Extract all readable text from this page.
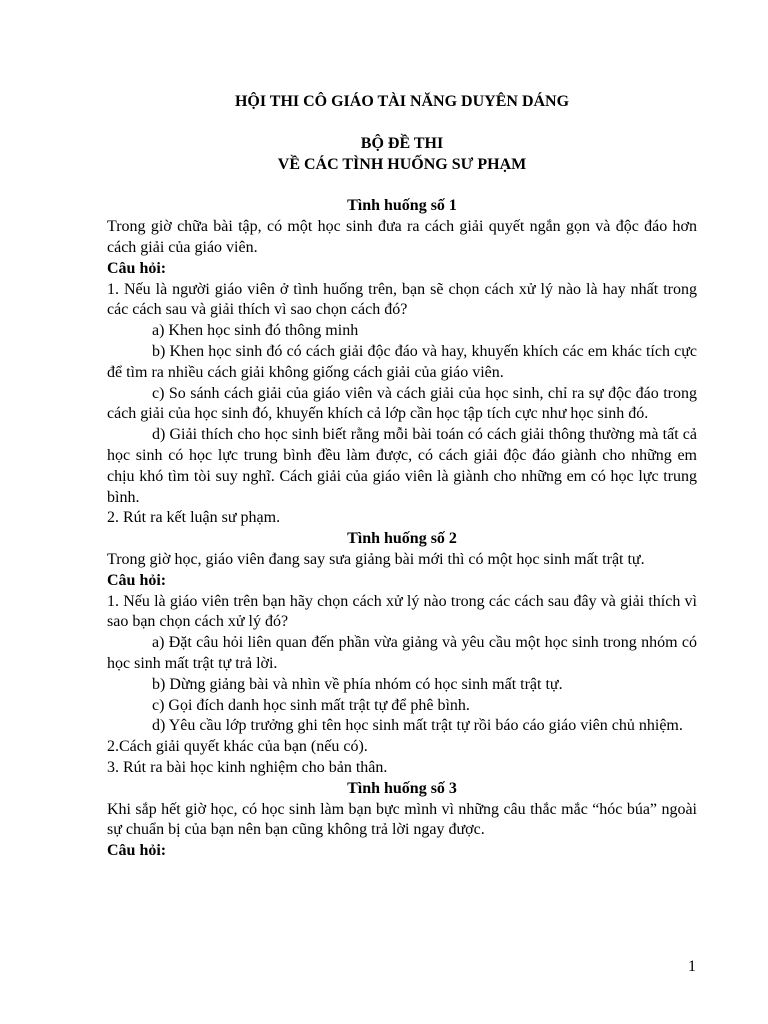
HỘI THI CÔ GIÁO TÀI NĂNG DUYÊN DÁNG

BỘ ĐỀ THI

VỀ CÁC TÌNH HUỐNG SƯ PHẠM

Tình huống số 1

Trong giờ chữa bài tập, có một học sinh đưa ra cách giải quyết ngắn gọn và độc đáo hơn cách giải của giáo viên.

Câu hỏi:

1. Nếu là người giáo viên ở tình huống trên, bạn sẽ chọn cách xử lý nào là hay nhất trong các cách sau và giải thích vì sao chọn cách đó?

a) Khen học sinh đó thông minh

b) Khen học sinh đó có cách giải độc đáo và hay, khuyến khích các em khác tích cực để tìm ra nhiều cách giải không giống cách giải của giáo viên.

c) So sánh cách giải của giáo viên và cách giải của học sinh, chỉ ra sự độc đáo trong cách giải của học sinh đó, khuyến khích cả lớp cần học tập tích cực như học sinh đó.

d) Giải thích cho học sinh biết rằng mỗi bài toán có cách giải thông thường mà tất cả học sinh có học lực trung bình đều làm được, có cách giải độc đáo giành cho những em chịu khó tìm tòi suy nghĩ. Cách giải của giáo viên là giành cho những em có học lực trung bình.

2. Rút ra kết luận sư phạm.

Tình huống số 2

Trong giờ học, giáo viên đang say sưa giảng bài mới thì có một học sinh mất trật tự.

Câu hỏi:

1. Nếu là giáo viên trên bạn hãy chọn cách xử lý nào trong các cách sau đây và giải thích vì sao bạn chọn cách xử lý đó?

a) Đặt câu hỏi liên quan đến phần vừa giảng và yêu cầu một học sinh trong nhóm có học sinh mất trật tự trả lời.

b) Dừng giảng bài và nhìn về phía nhóm có học sinh mất trật tự.

c) Gọi đích danh học sinh mất trật tự để phê bình.

d) Yêu cầu lớp trưởng ghi tên học sinh mất trật tự rồi báo cáo giáo viên chủ nhiệm.

2.Cách giải quyết khác của bạn (nếu có).

3. Rút ra bài học kinh nghiệm cho bản thân.

Tình huống số 3

Khi sắp hết giờ học, có học sinh làm bạn bực mình vì những câu thắc mắc “hóc búa” ngoài sự chuẩn bị của bạn nên bạn cũng không trả lời ngay được.

Câu hỏi:

1
